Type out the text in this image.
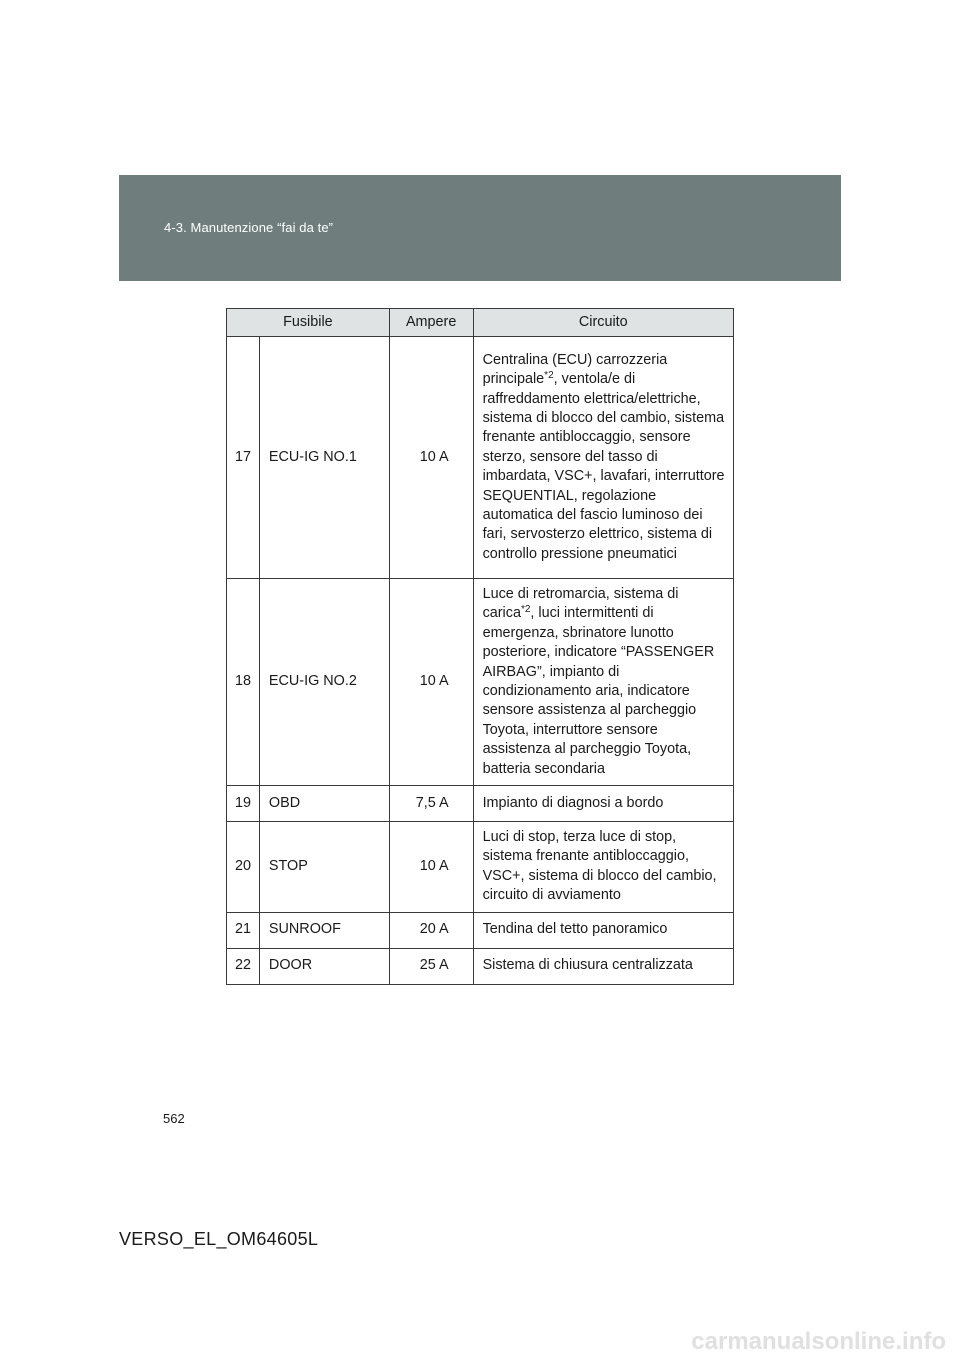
4-3. Manutenzione “fai da te”
Fusibile		Ampere	Circuito
17	ECU-IG NO.1	10 A	Centralina (ECU) carrozzeria principale$^{*2}$, ventola/e di raffreddamento elettrica/elettriche, sistema di blocco del cambio, sistema frenante antibloccaggio, sensore sterzo, sensore del tasso di imbardata, VSC+, lavafari, interruttore SEQUENTIAL, regolazione automatica del fascio luminoso dei fari, servosterzo elettrico, sistema di controllo pressione pneumatici
18	ECU-IG NO.2	10 A	Luce di retromarcia, sistema di carica$^{*2}$, luci intermittenti di emergenza, sbrinatore lunotto posteriore, indicatore “PASSENGER AIRBAG”, impianto di condizionamento aria, indicatore sensore assistenza al parcheggio Toyota, interruttore sensore assistenza al parcheggio Toyota, batteria secondaria
19	OBD	7,5 A	Impianto di diagnosi a bordo
20	STOP	10 A	Luci di stop, terza luce di stop, sistema frenante antibloccaggio, VSC+, sistema di blocco del cambio, circuito di avviamento
21	SUNROOF	20 A	Tendina del tetto panoramico
22	DOOR	25 A	Sistema di chiusura centralizzata
562
VERSO_EL_OM64605L
carmanualsonline.info
